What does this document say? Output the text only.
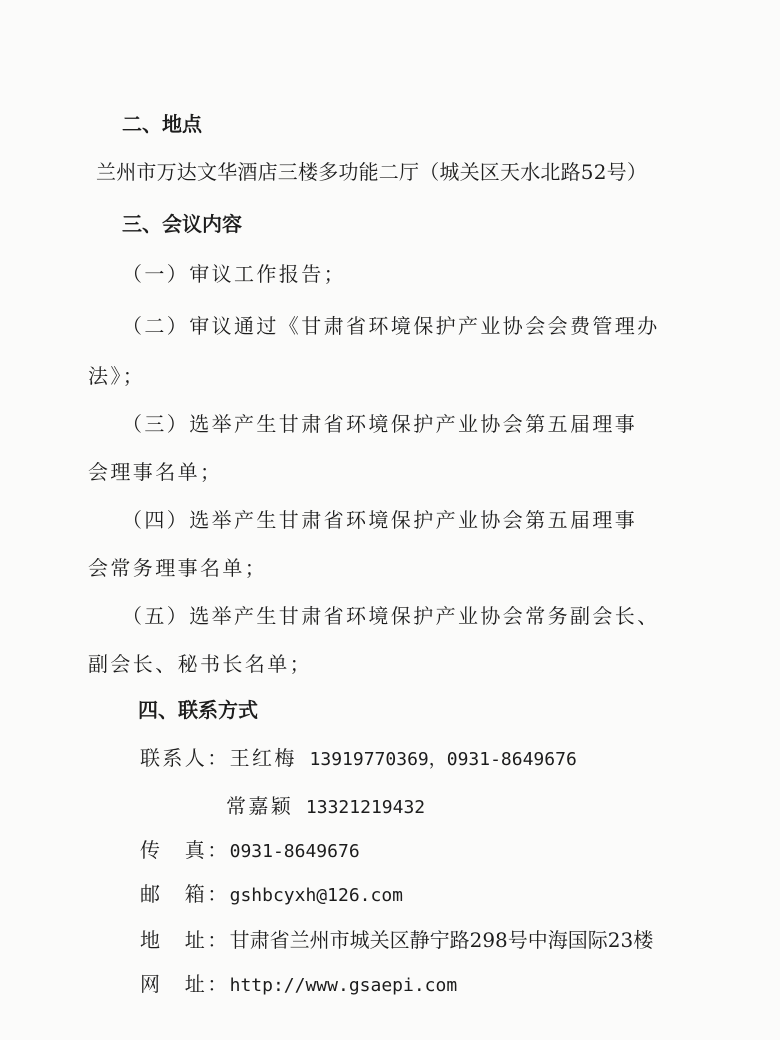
二、地点
兰州市万达文华酒店三楼多功能二厅（城关区天水北路52号）
三、会议内容
（一）审议工作报告；
（二）审议通过《甘肃省环境保护产业协会会费管理办
法》；
（三）选举产生甘肃省环境保护产业协会第五届理事
会理事名单；
（四）选举产生甘肃省环境保护产业协会第五届理事
会常务理事名单；
（五）选举产生甘肃省环境保护产业协会常务副会长、
副会长、秘书长名单；
四、联系方式
联系人：王红梅 13919770369，0931-8649676
常嘉颖 13321219432
传　真：0931-8649676
邮　箱：gshbcyxh@126.com
地　址：甘肃省兰州市城关区静宁路298号中海国际23楼
网　址：http://www.gsaepi.com
